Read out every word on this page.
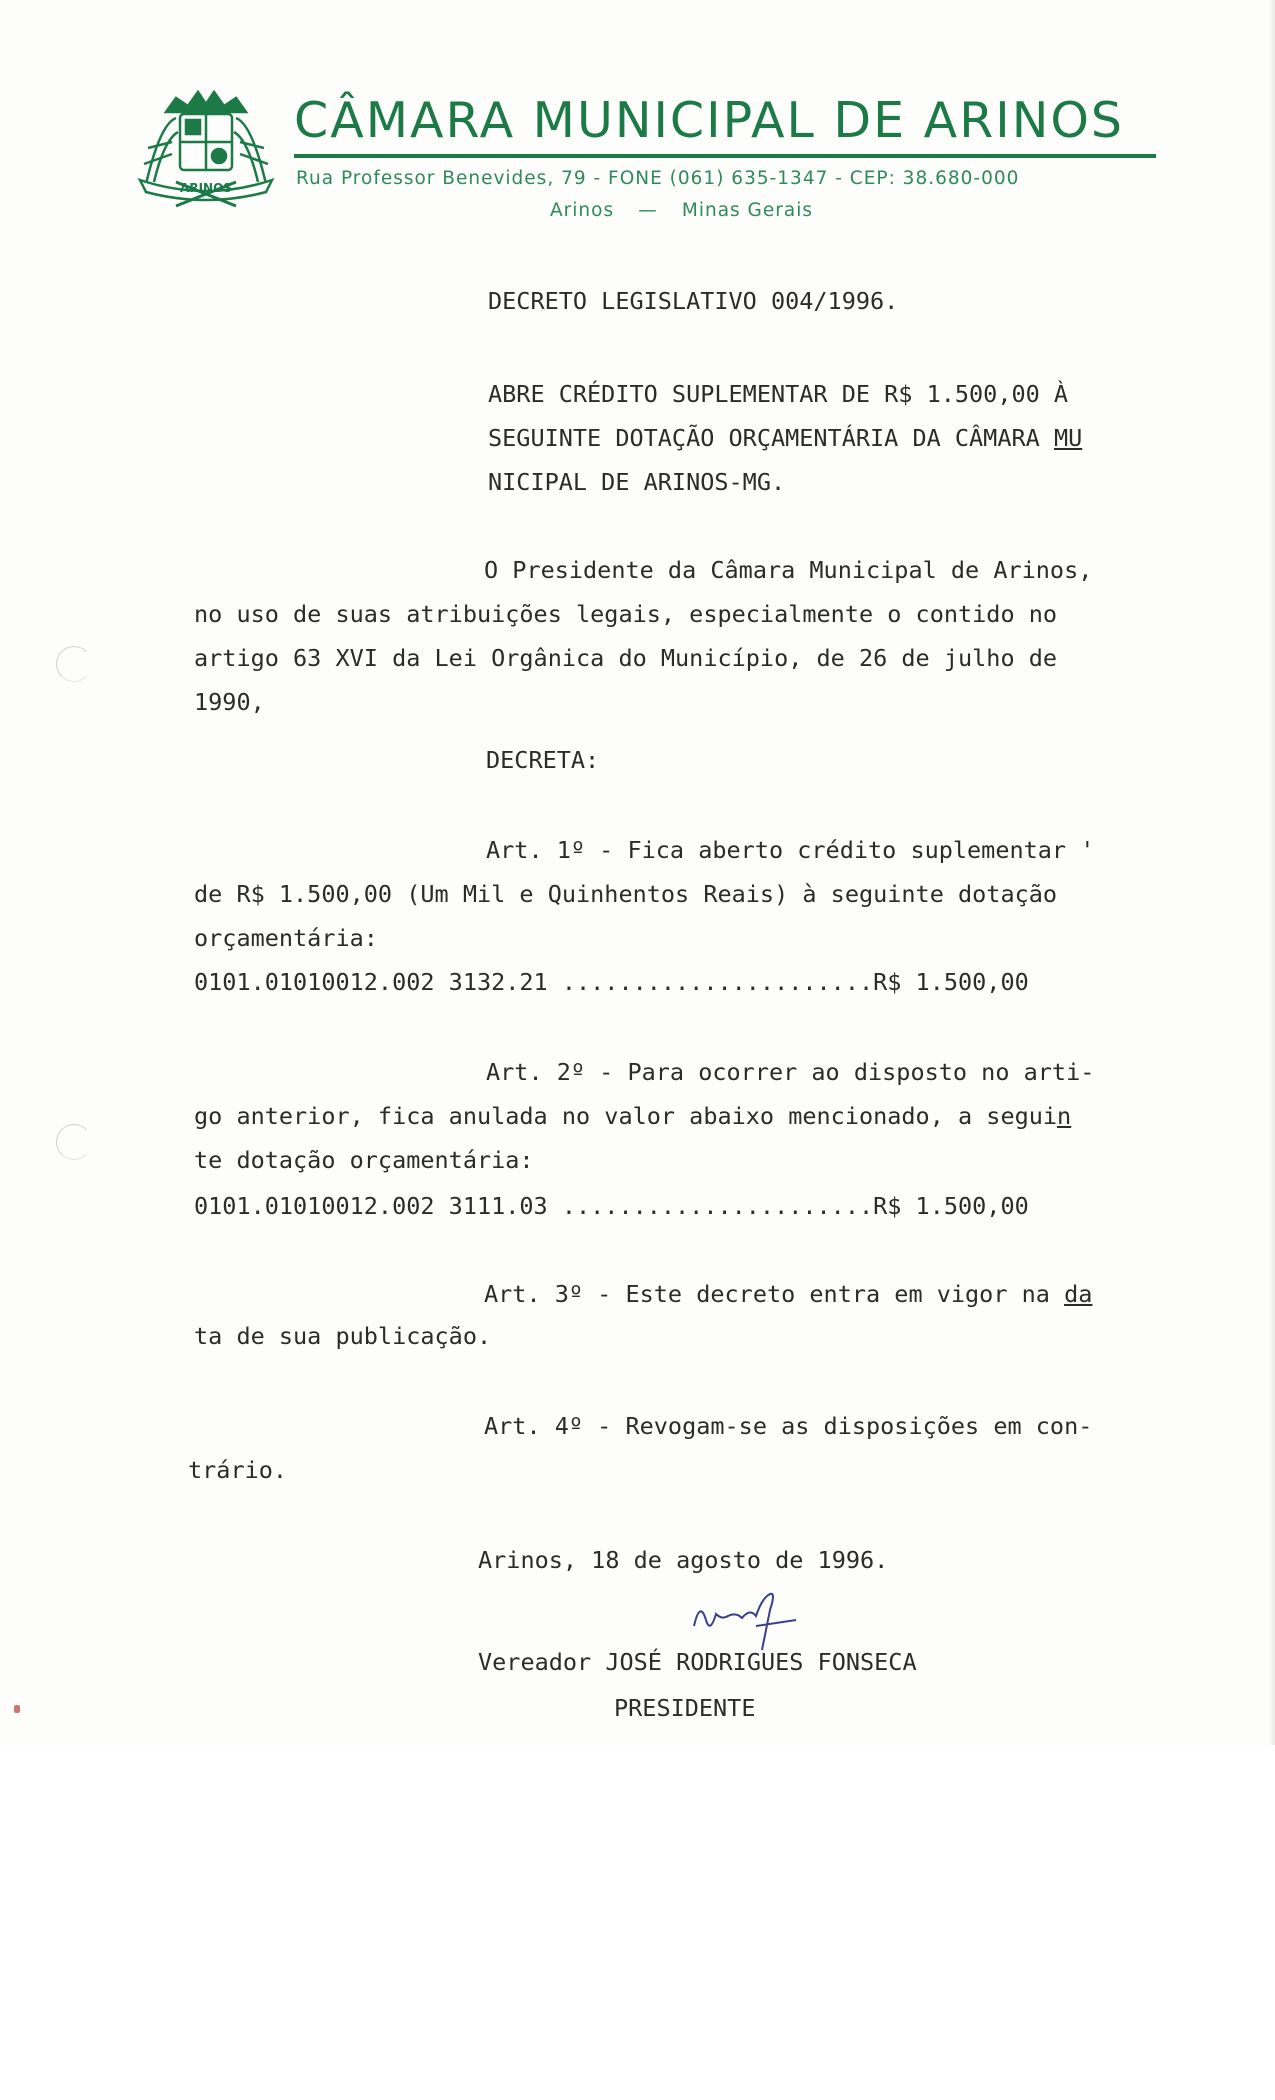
ARINOS
CÂMARA MUNICIPAL DE ARINOS
Rua Professor Benevides, 79 - FONE (061) 635-1347 - CEP: 38.680-000
Arinos — Minas Gerais
DECRETO LEGISLATIVO 004/1996.
ABRE CRÉDITO SUPLEMENTAR DE R$ 1.500,00 À
SEGUINTE DOTAÇÃO ORÇAMENTÁRIA DA CÂMARA MU
NICIPAL DE ARINOS-MG.
O Presidente da Câmara Municipal de Arinos,
no uso de suas atribuições legais, especialmente o contido no
artigo 63 XVI da Lei Orgânica do Município, de 26 de julho de
1990,
DECRETA:
Art. 1º - Fica aberto crédito suplementar '
de R$ 1.500,00 (Um Mil e Quinhentos Reais) à seguinte dotação
orçamentária:
0101.01010012.002 3132.21 ......................R$ 1.500,00
Art. 2º - Para ocorrer ao disposto no arti-
go anterior, fica anulada no valor abaixo mencionado, a seguin
te dotação orçamentária:
0101.01010012.002 3111.03 ......................R$ 1.500,00
Art. 3º - Este decreto entra em vigor na da
ta de sua publicação.
Art. 4º - Revogam-se as disposições em con-
trário.
Arinos, 18 de agosto de 1996.
Vereador JOSÉ RODRIGUES FONSECA
PRESIDENTE
